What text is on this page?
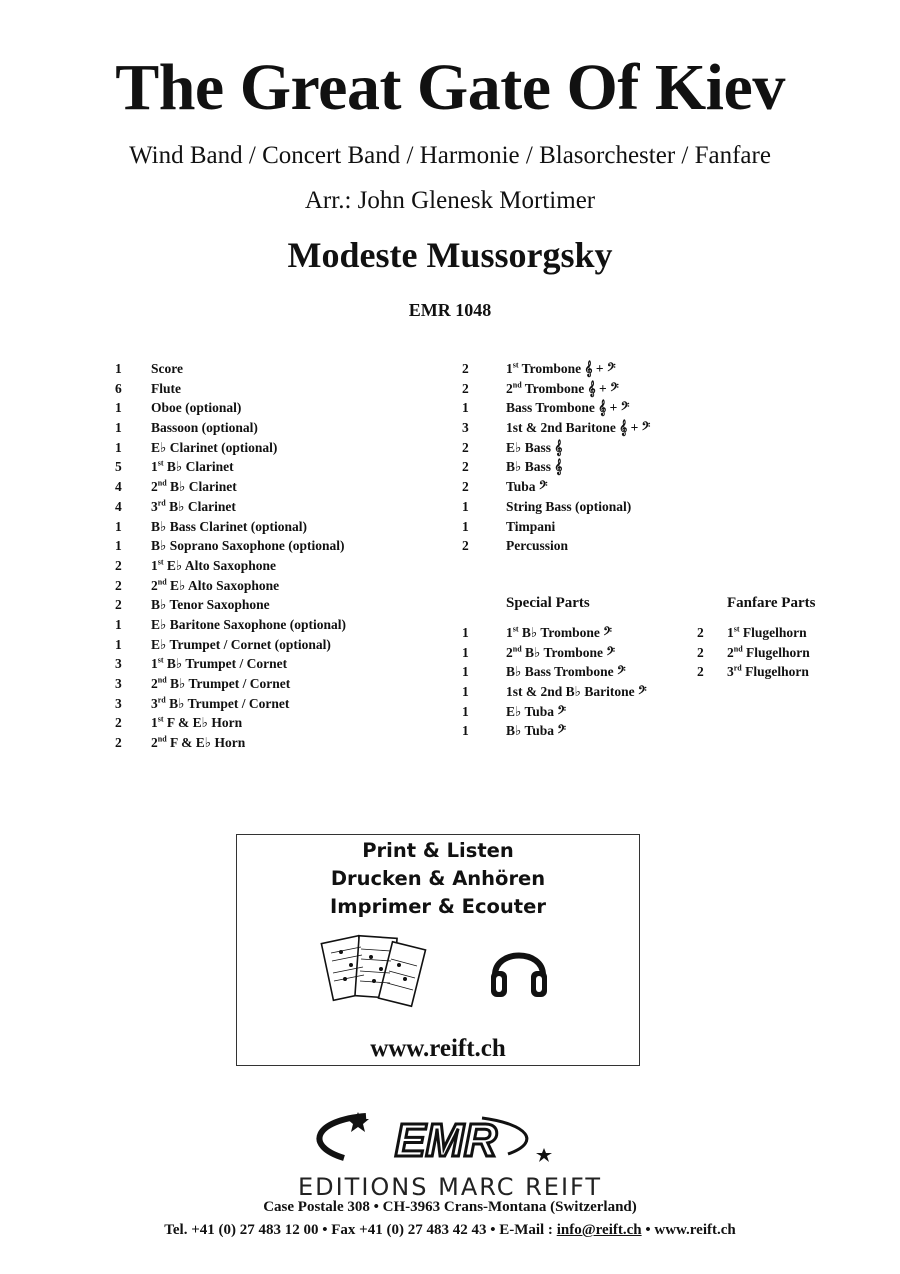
The Great Gate Of Kiev
Wind Band / Concert Band / Harmonie / Blasorchester / Fanfare
Arr.: John Glenesk Mortimer
Modeste Mussorgsky
EMR 1048
1 Score
6 Flute
1 Oboe (optional)
1 Bassoon (optional)
1 E♭ Clarinet (optional)
5 1st B♭ Clarinet
4 2nd B♭ Clarinet
4 3rd B♭ Clarinet
1 B♭ Bass Clarinet (optional)
1 B♭ Soprano Saxophone (optional)
2 1st E♭ Alto Saxophone
2 2nd E♭ Alto Saxophone
2 B♭ Tenor Saxophone
1 E♭ Baritone Saxophone (optional)
1 E♭ Trumpet / Cornet (optional)
3 1st B♭ Trumpet / Cornet
3 2nd B♭ Trumpet / Cornet
3 3rd B♭ Trumpet / Cornet
2 1st F & E♭ Horn
2 2nd F & E♭ Horn
2	1st Trombone 𝄞 + 𝄢
2	2nd Trombone 𝄞 + 𝄢
1	Bass Trombone 𝄞 + 𝄢
3	1st & 2nd Baritone 𝄞 + 𝄢
2	E♭ Bass 𝄞
2	B♭ Bass 𝄞
2	Tuba 𝄢
1	String Bass (optional)
1	Timpani
2	Percussion
Special Parts
1	1st B♭ Trombone 𝄢
1	2nd B♭ Trombone 𝄢
1	B♭ Bass Trombone 𝄢
1	1st & 2nd B♭ Baritone 𝄢
1	E♭ Tuba 𝄢
1	B♭ Tuba 𝄢
Fanfare Parts
2 1st Flugelhorn
2 2nd Flugelhorn
2 3rd Flugelhorn
Print & Listen
Drucken & Anhören
Imprimer & Ecouter
www.reift.ch
EMR
EDITIONS MARC REIFT
Case Postale 308 • CH-3963 Crans-Montana (Switzerland)
Tel. +41 (0) 27 483 12 00 • Fax +41 (0) 27 483 42 43 • E-Mail : info@reift.ch • www.reift.ch
